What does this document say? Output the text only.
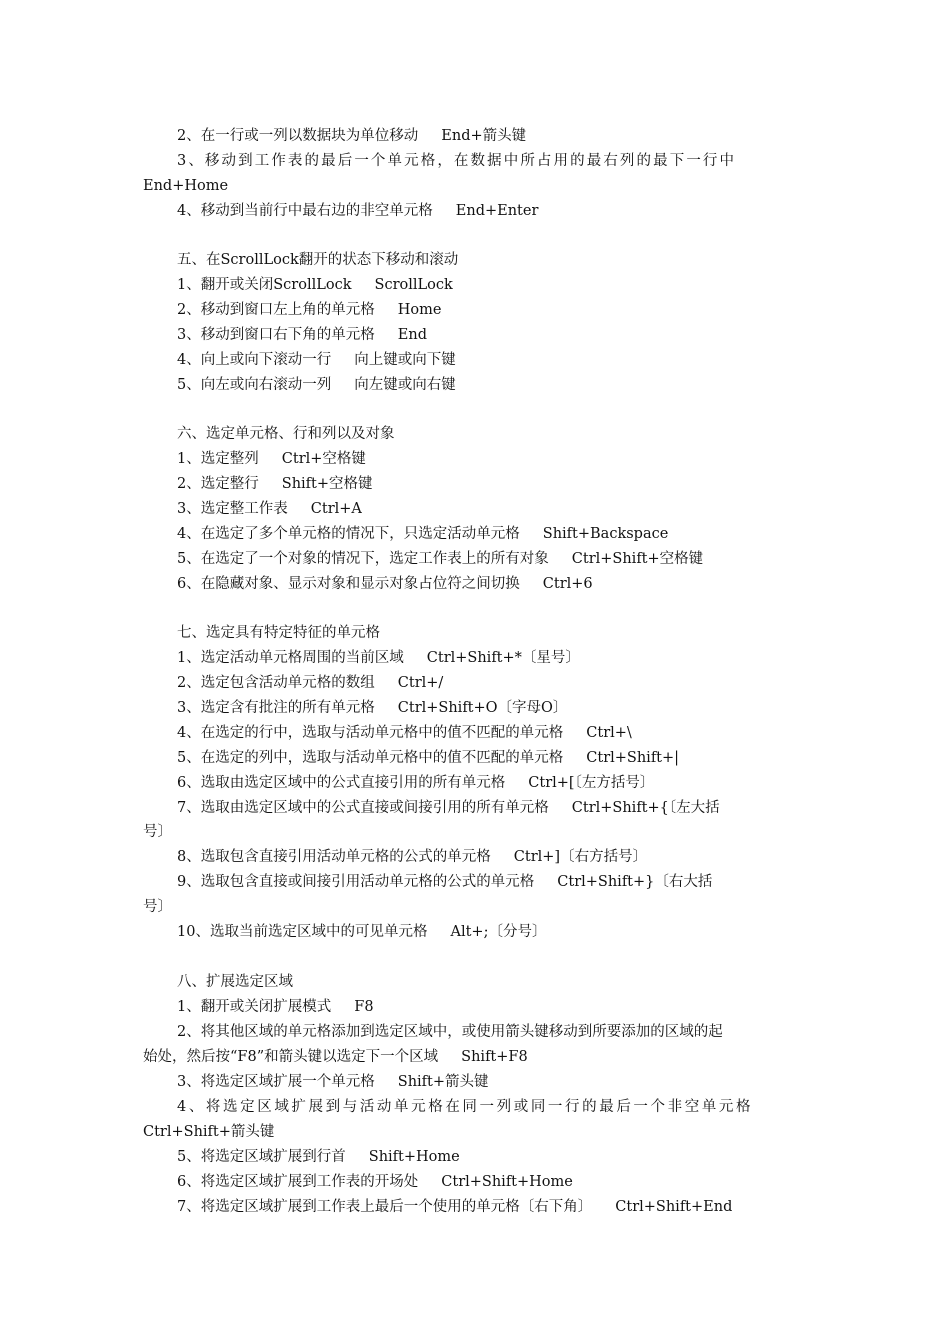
2、在一行或一列以数据块为单位移动     End+箭头键
3、移动到工作表的最后一个单元格，在数据中所占用的最右列的最下一行中
End+Home
4、移动到当前行中最右边的非空单元格     End+Enter
五、在ScrollLock翻开的状态下移动和滚动
1、翻开或关闭ScrollLock     ScrollLock
2、移动到窗口左上角的单元格     Home
3、移动到窗口右下角的单元格     End
4、向上或向下滚动一行     向上键或向下键
5、向左或向右滚动一列     向左键或向右键
六、选定单元格、行和列以及对象
1、选定整列     Ctrl+空格键
2、选定整行     Shift+空格键
3、选定整工作表     Ctrl+A
4、在选定了多个单元格的情况下，只选定活动单元格     Shift+Backspace
5、在选定了一个对象的情况下，选定工作表上的所有对象     Ctrl+Shift+空格键
6、在隐藏对象、显示对象和显示对象占位符之间切换     Ctrl+6
七、选定具有特定特征的单元格
1、选定活动单元格周围的当前区域     Ctrl+Shift+*〔星号〕
2、选定包含活动单元格的数组     Ctrl+/
3、选定含有批注的所有单元格     Ctrl+Shift+O〔字母O〕
4、在选定的行中，选取与活动单元格中的值不匹配的单元格     Ctrl+\
5、在选定的列中，选取与活动单元格中的值不匹配的单元格     Ctrl+Shift+|
6、选取由选定区域中的公式直接引用的所有单元格     Ctrl+[〔左方括号〕
7、选取由选定区域中的公式直接或间接引用的所有单元格     Ctrl+Shift+{〔左大括
号〕
8、选取包含直接引用活动单元格的公式的单元格     Ctrl+]〔右方括号〕
9、选取包含直接或间接引用活动单元格的公式的单元格     Ctrl+Shift+}〔右大括
号〕
10、选取当前选定区域中的可见单元格     Alt+;〔分号〕
八、扩展选定区域
1、翻开或关闭扩展模式     F8
2、将其他区域的单元格添加到选定区域中，或使用箭头键移动到所要添加的区域的起
始处，然后按“F8”和箭头键以选定下一个区域     Shift+F8
3、将选定区域扩展一个单元格     Shift+箭头键
4、将选定区域扩展到与活动单元格在同一列或同一行的最后一个非空单元格
Ctrl+Shift+箭头键
5、将选定区域扩展到行首     Shift+Home
6、将选定区域扩展到工作表的开场处     Ctrl+Shift+Home
7、将选定区域扩展到工作表上最后一个使用的单元格〔右下角〕     Ctrl+Shift+End
